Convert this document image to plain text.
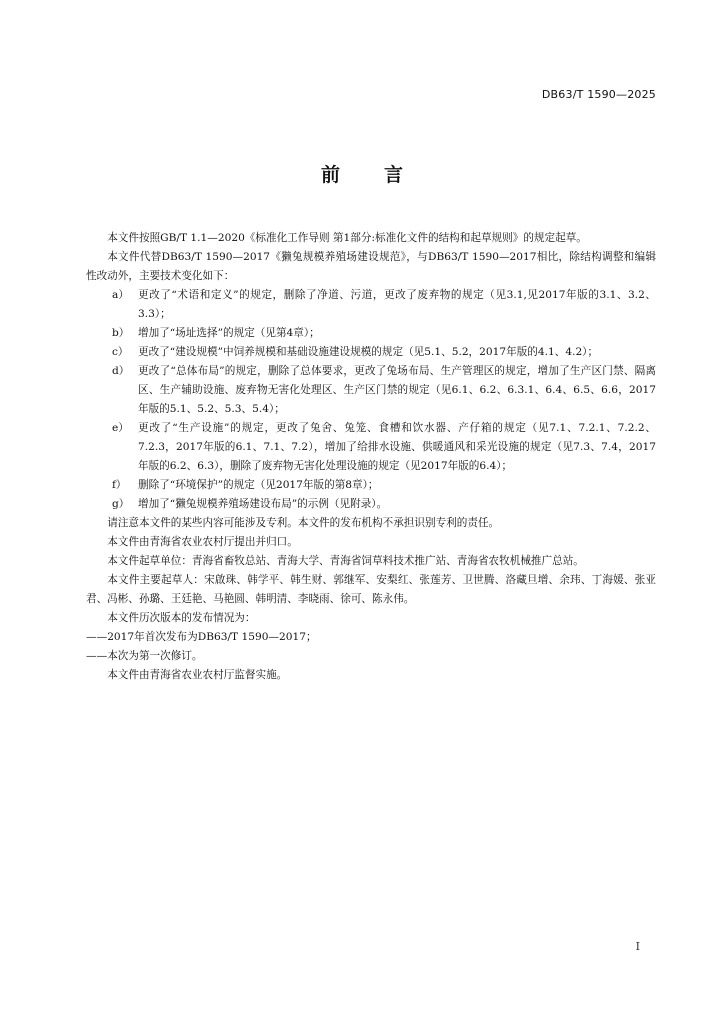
DB63/T 1590—2025
前 言
本文件按照GB/T 1.1—2020《标准化工作导则 第1部分:标准化文件的结构和起草规则》的规定起草。
本文件代替DB63/T 1590—2017《獭兔规模养殖场建设规范》，与DB63/T 1590—2017相比，除结构调整和编辑性改动外，主要技术变化如下：
a） 更改了“术语和定义”的规定，删除了净道、污道，更改了废弃物的规定（见3.1,见2017年版的3.1、3.2、3.3）；
b） 增加了“场址选择”的规定（见第4章）；
c） 更改了“建设规模”中饲养规模和基础设施建设规模的规定（见5.1、5.2，2017年版的4.1、4.2）；
d） 更改了“总体布局”的规定，删除了总体要求，更改了兔场布局、生产管理区的规定，增加了生产区门禁、隔离区、生产辅助设施、废弃物无害化处理区、生产区门禁的规定（见6.1、6.2、6.3.1、6.4、6.5、6.6，2017年版的5.1、5.2、5.3、5.4）；
e） 更改了“生产设施”的规定，更改了兔舍、兔笼、食槽和饮水器、产仔箱的规定（见7.1、7.2.1、7.2.2、7.2.3，2017年版的6.1、7.1、7.2），增加了给排水设施、供暖通风和采光设施的规定（见7.3、7.4，2017年版的6.2、6.3），删除了废弃物无害化处理设施的规定（见2017年版的6.4）；
f） 删除了“环境保护”的规定（见2017年版的第8章）；
g） 增加了“獭兔规模养殖场建设布局”的示例（见附录）。
请注意本文件的某些内容可能涉及专利。本文件的发布机构不承担识别专利的责任。
本文件由青海省农业农村厅提出并归口。
本文件起草单位：青海省畜牧总站、青海大学、青海省饲草料技术推广站、青海省农牧机械推广总站。
本文件主要起草人：宋啟珠、韩学平、韩生财、郭继军、安梨红、张莲芳、卫世腾、洛藏旦增、余玮、丁海媛、张亚君、冯彬、孙璐、王廷艳、马艳圆、韩明清、李晓雨、徐可、陈永伟。
本文件历次版本的发布情况为：
——2017年首次发布为DB63/T 1590—2017；
——本次为第一次修订。
本文件由青海省农业农村厅监督实施。
I
